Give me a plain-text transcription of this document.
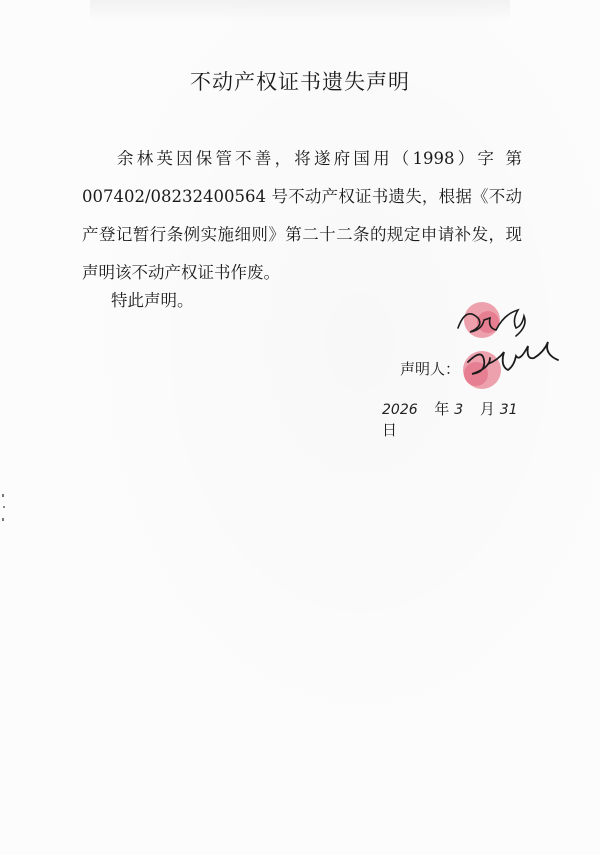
不动产权证书遗失声明

余林英因保管不善，将遂府国用（1998）字 第007402/08232400564 号不动产权证书遗失，根据《不动产登记暂行条例实施细则》第二十二条的规定申请补发，现声明该不动产权证书作废。

特此声明。
声明人：
2026 年 3 月 31 日
